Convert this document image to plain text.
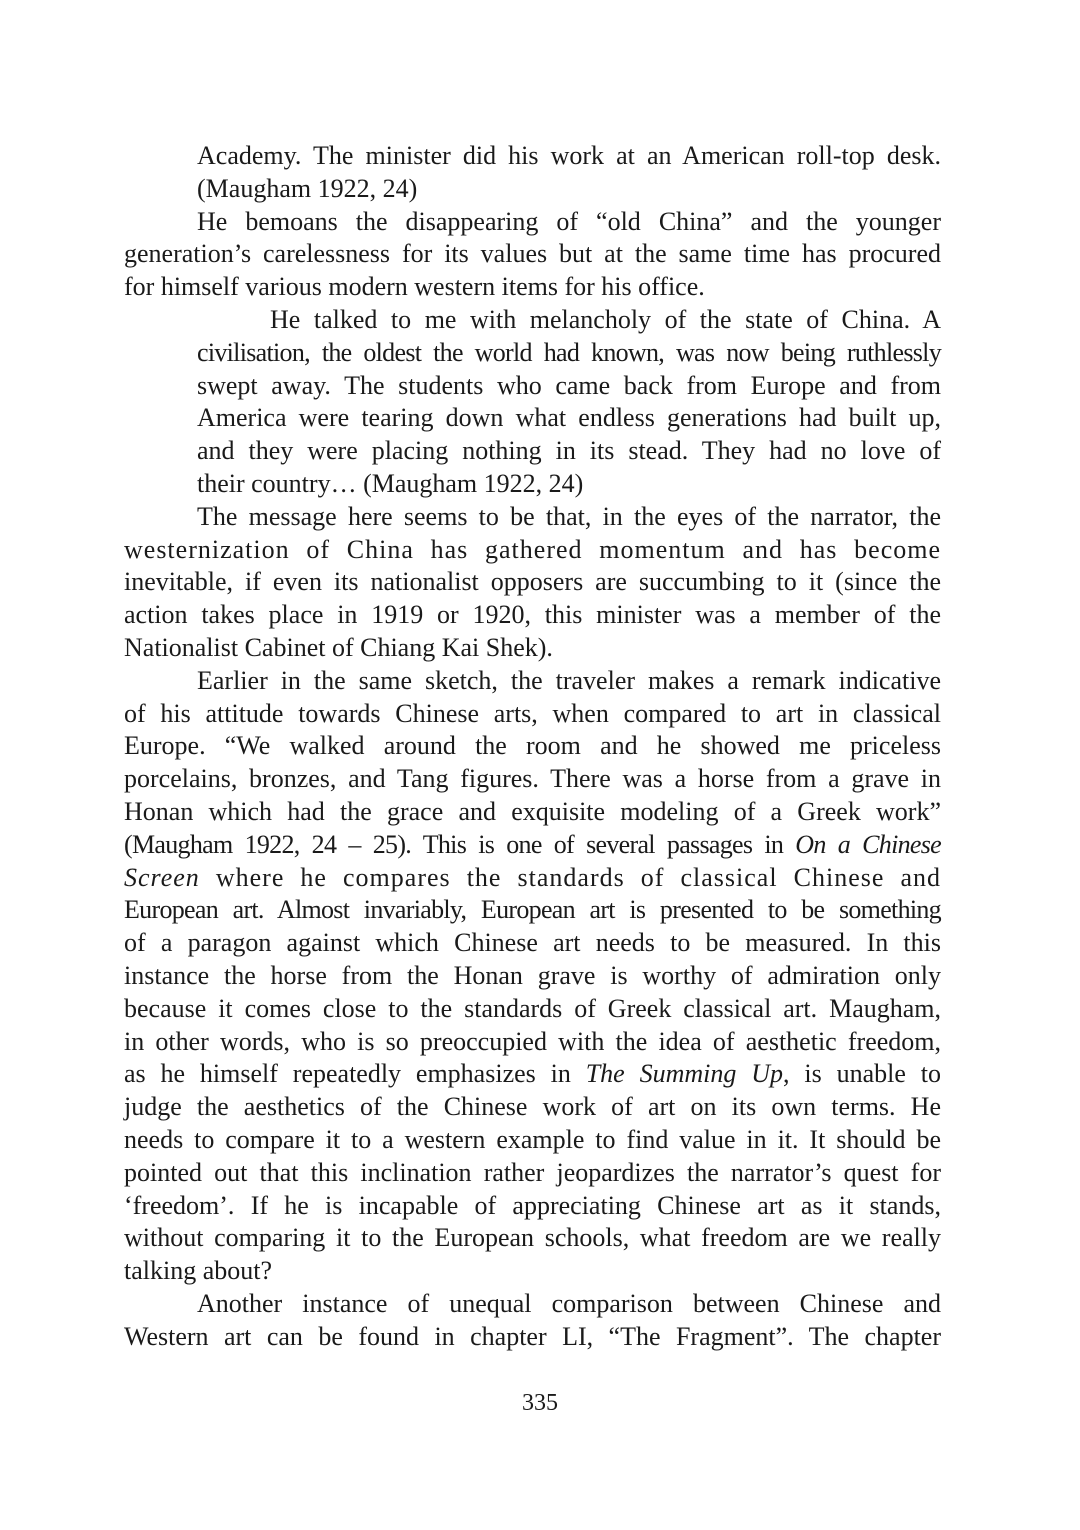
Academy. The minister did his work at an American roll-top desk.
(Maugham 1922, 24)
He bemoans the disappearing of “old China” and the younger
generation’s carelessness for its values but at the same time has procured
for himself various modern western items for his office.
He talked to me with melancholy of the state of China. A
civilisation, the oldest the world had known, was now being ruthlessly
swept away. The students who came back from Europe and from
America were tearing down what endless generations had built up,
and they were placing nothing in its stead. They had no love of
their country… (Maugham 1922, 24)
The message here seems to be that, in the eyes of the narrator, the
westernization of China has gathered momentum and has become
inevitable, if even its nationalist opposers are succumbing to it (since the
action takes place in 1919 or 1920, this minister was a member of the
Nationalist Cabinet of Chiang Kai Shek).
Earlier in the same sketch, the traveler makes a remark indicative
of his attitude towards Chinese arts, when compared to art in classical
Europe. “We walked around the room and he showed me priceless
porcelains, bronzes, and Tang figures. There was a horse from a grave in
Honan which had the grace and exquisite modeling of a Greek work”
(Maugham 1922, 24 – 25). This is one of several passages in On a Chinese
Screen where he compares the standards of classical Chinese and
European art. Almost invariably, European art is presented to be something
of a paragon against which Chinese art needs to be measured. In this
instance the horse from the Honan grave is worthy of admiration only
because it comes close to the standards of Greek classical art. Maugham,
in other words, who is so preoccupied with the idea of aesthetic freedom,
as he himself repeatedly emphasizes in The Summing Up, is unable to
judge the aesthetics of the Chinese work of art on its own terms. He
needs to compare it to a western example to find value in it. It should be
pointed out that this inclination rather jeopardizes the narrator’s quest for
‘freedom’. If he is incapable of appreciating Chinese art as it stands,
without comparing it to the European schools, what freedom are we really
talking about?
Another instance of unequal comparison between Chinese and
Western art can be found in chapter LI, “The Fragment”. The chapter
335
